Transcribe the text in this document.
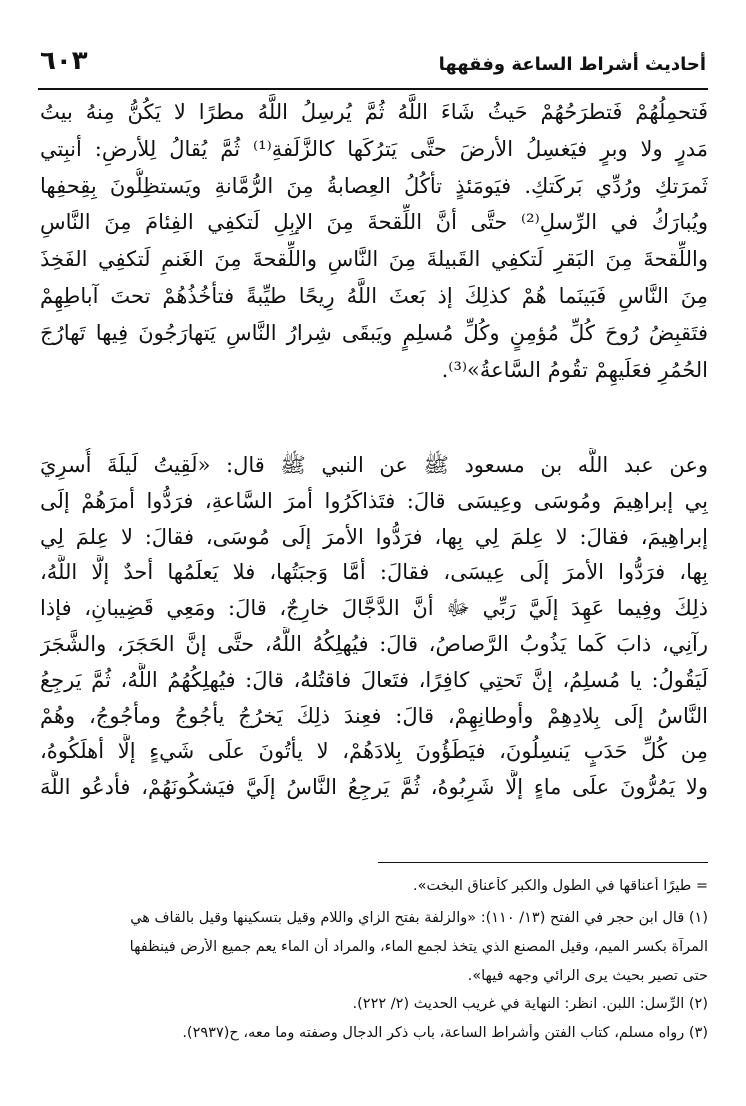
أحاديث أشراط الساعة وفقهها
٦٠٣
فَتحمِلُهُمْ فَتطرَحُهُمْ حَيثُ شَاءَ اللَّهُ ثُمَّ يُرسِلُ اللَّهُ مطرًا لا يَكُنُّ مِنهُ بيتُ
مَدرٍ ولا وبرٍ فيَغسِلُ الأرضَ حتَّى يَترُكَها كالزَّلَفةِ⁽¹⁾ ثُمَّ يُقالُ لِلأرضِ: أنبِتي
ثَمرَتكِ ورُدِّي بَركَتكِ. فيَومَئذٍ تأكُلُ العِصابةُ مِنَ الرُّمَّانةِ ويَستظِلُّونَ بِقِحفِها
ويُبارَكُ في الرِّسلِ⁽²⁾ حتَّى أنَّ اللِّقحةَ مِنَ الإبِلِ لَتكفِي الفِئامَ مِنَ النَّاسِ
واللِّقحةَ مِنَ البَقرِ لَتكفِي القَبيلةَ مِنَ النَّاسِ واللِّقحةَ مِنَ الغَنمِ لَتكفِي الفَخِذَ
مِنَ النَّاسِ فَبَينَما هُمْ كذلِكَ إذ بَعثَ اللَّهُ رِيحًا طيِّبةً فتأخُذُهُمْ تحتَ آباطِهِمْ
فتَقبِضُ رُوحَ كُلِّ مُؤمِنٍ وكُلِّ مُسلِمٍ ويَبقَى شِرارُ النَّاسِ يَتهارَجُونَ فِيها تَهارُجَ
الحُمُرِ فعَلَيهِمْ تقُومُ السَّاعةُ»⁽³⁾.
وعن عبد اللَّه بن مسعود ﷺ عن النبي ﷺ قال: «لَقِيتُ لَيلَةَ أُسرِيَ
بِي إبراهِيمَ ومُوسَى وعِيسَى قالَ: فتَذاكَرُوا أمرَ السَّاعةِ، فرَدُّوا أمرَهُمْ إلَى
إبراهِيمَ، فقالَ: لا عِلمَ لِي بِها، فرَدُّوا الأمرَ إلَى مُوسَى، فقالَ: لا عِلمَ لِي
بِها، فرَدُّوا الأمرَ إلَى عِيسَى، فقالَ: أمَّا وَجبَتُها، فلا يَعلَمُها أحدٌ إلَّا اللَّهُ،
ذلِكَ وفِيما عَهِدَ إلَيَّ رَبِّي ﷻ أنَّ الدَّجَّالَ خارِجٌ، قالَ: ومَعِي قَضِيبانِ، فإذا
رآنِي، ذابَ كَما يَذُوبُ الرَّصاصُ، قالَ: فيُهلِكُهُ اللَّهُ، حتَّى إنَّ الحَجَرَ، والشَّجَرَ
لَيَقُولُ: يا مُسلِمُ، إنَّ تَحتِي كافِرًا، فتَعالَ فاقتُلهُ، قالَ: فيُهلِكُهُمُ اللَّهُ، ثُمَّ يَرجِعُ
النَّاسُ إلَى بِلادِهِمْ وأوطانِهِمْ، قالَ: فعِندَ ذلِكَ يَخرُجُ يأجُوجُ ومأجُوجُ، وهُمْ
مِن كُلِّ حَدَبٍ يَنسِلُونَ، فيَطَؤُونَ بِلادَهُمْ، لا يأتُونَ علَى شَيءٍ إلَّا أهلَكُوهُ،
ولا يَمُرُّونَ علَى ماءٍ إلَّا شَرِبُوهُ، ثُمَّ يَرجِعُ النَّاسُ إلَيَّ فيَشكُونَهُمْ، فأدعُو اللَّهَ
= طيرًا أعناقها في الطول والكبر كأعناق البخت».
(١) قال ابن حجر في الفتح (١٣/ ١١٠): «والزلفة بفتح الزاي واللام وقيل بتسكينها وقيل بالقاف هي
المرآة بكسر الميم، وقيل المصنع الذي يتخذ لجمع الماء، والمراد أن الماء يعم جميع الأرض فينظفها
حتى تصير بحيث يرى الرائي وجهه فيها».
(٢) الرِّسل: اللبن. انظر: النهاية في غريب الحديث (٢/ ٢٢٢).
(٣) رواه مسلم، كتاب الفتن وأشراط الساعة، باب ذكر الدجال وصفته وما معه، ح(٢٩٣٧).
